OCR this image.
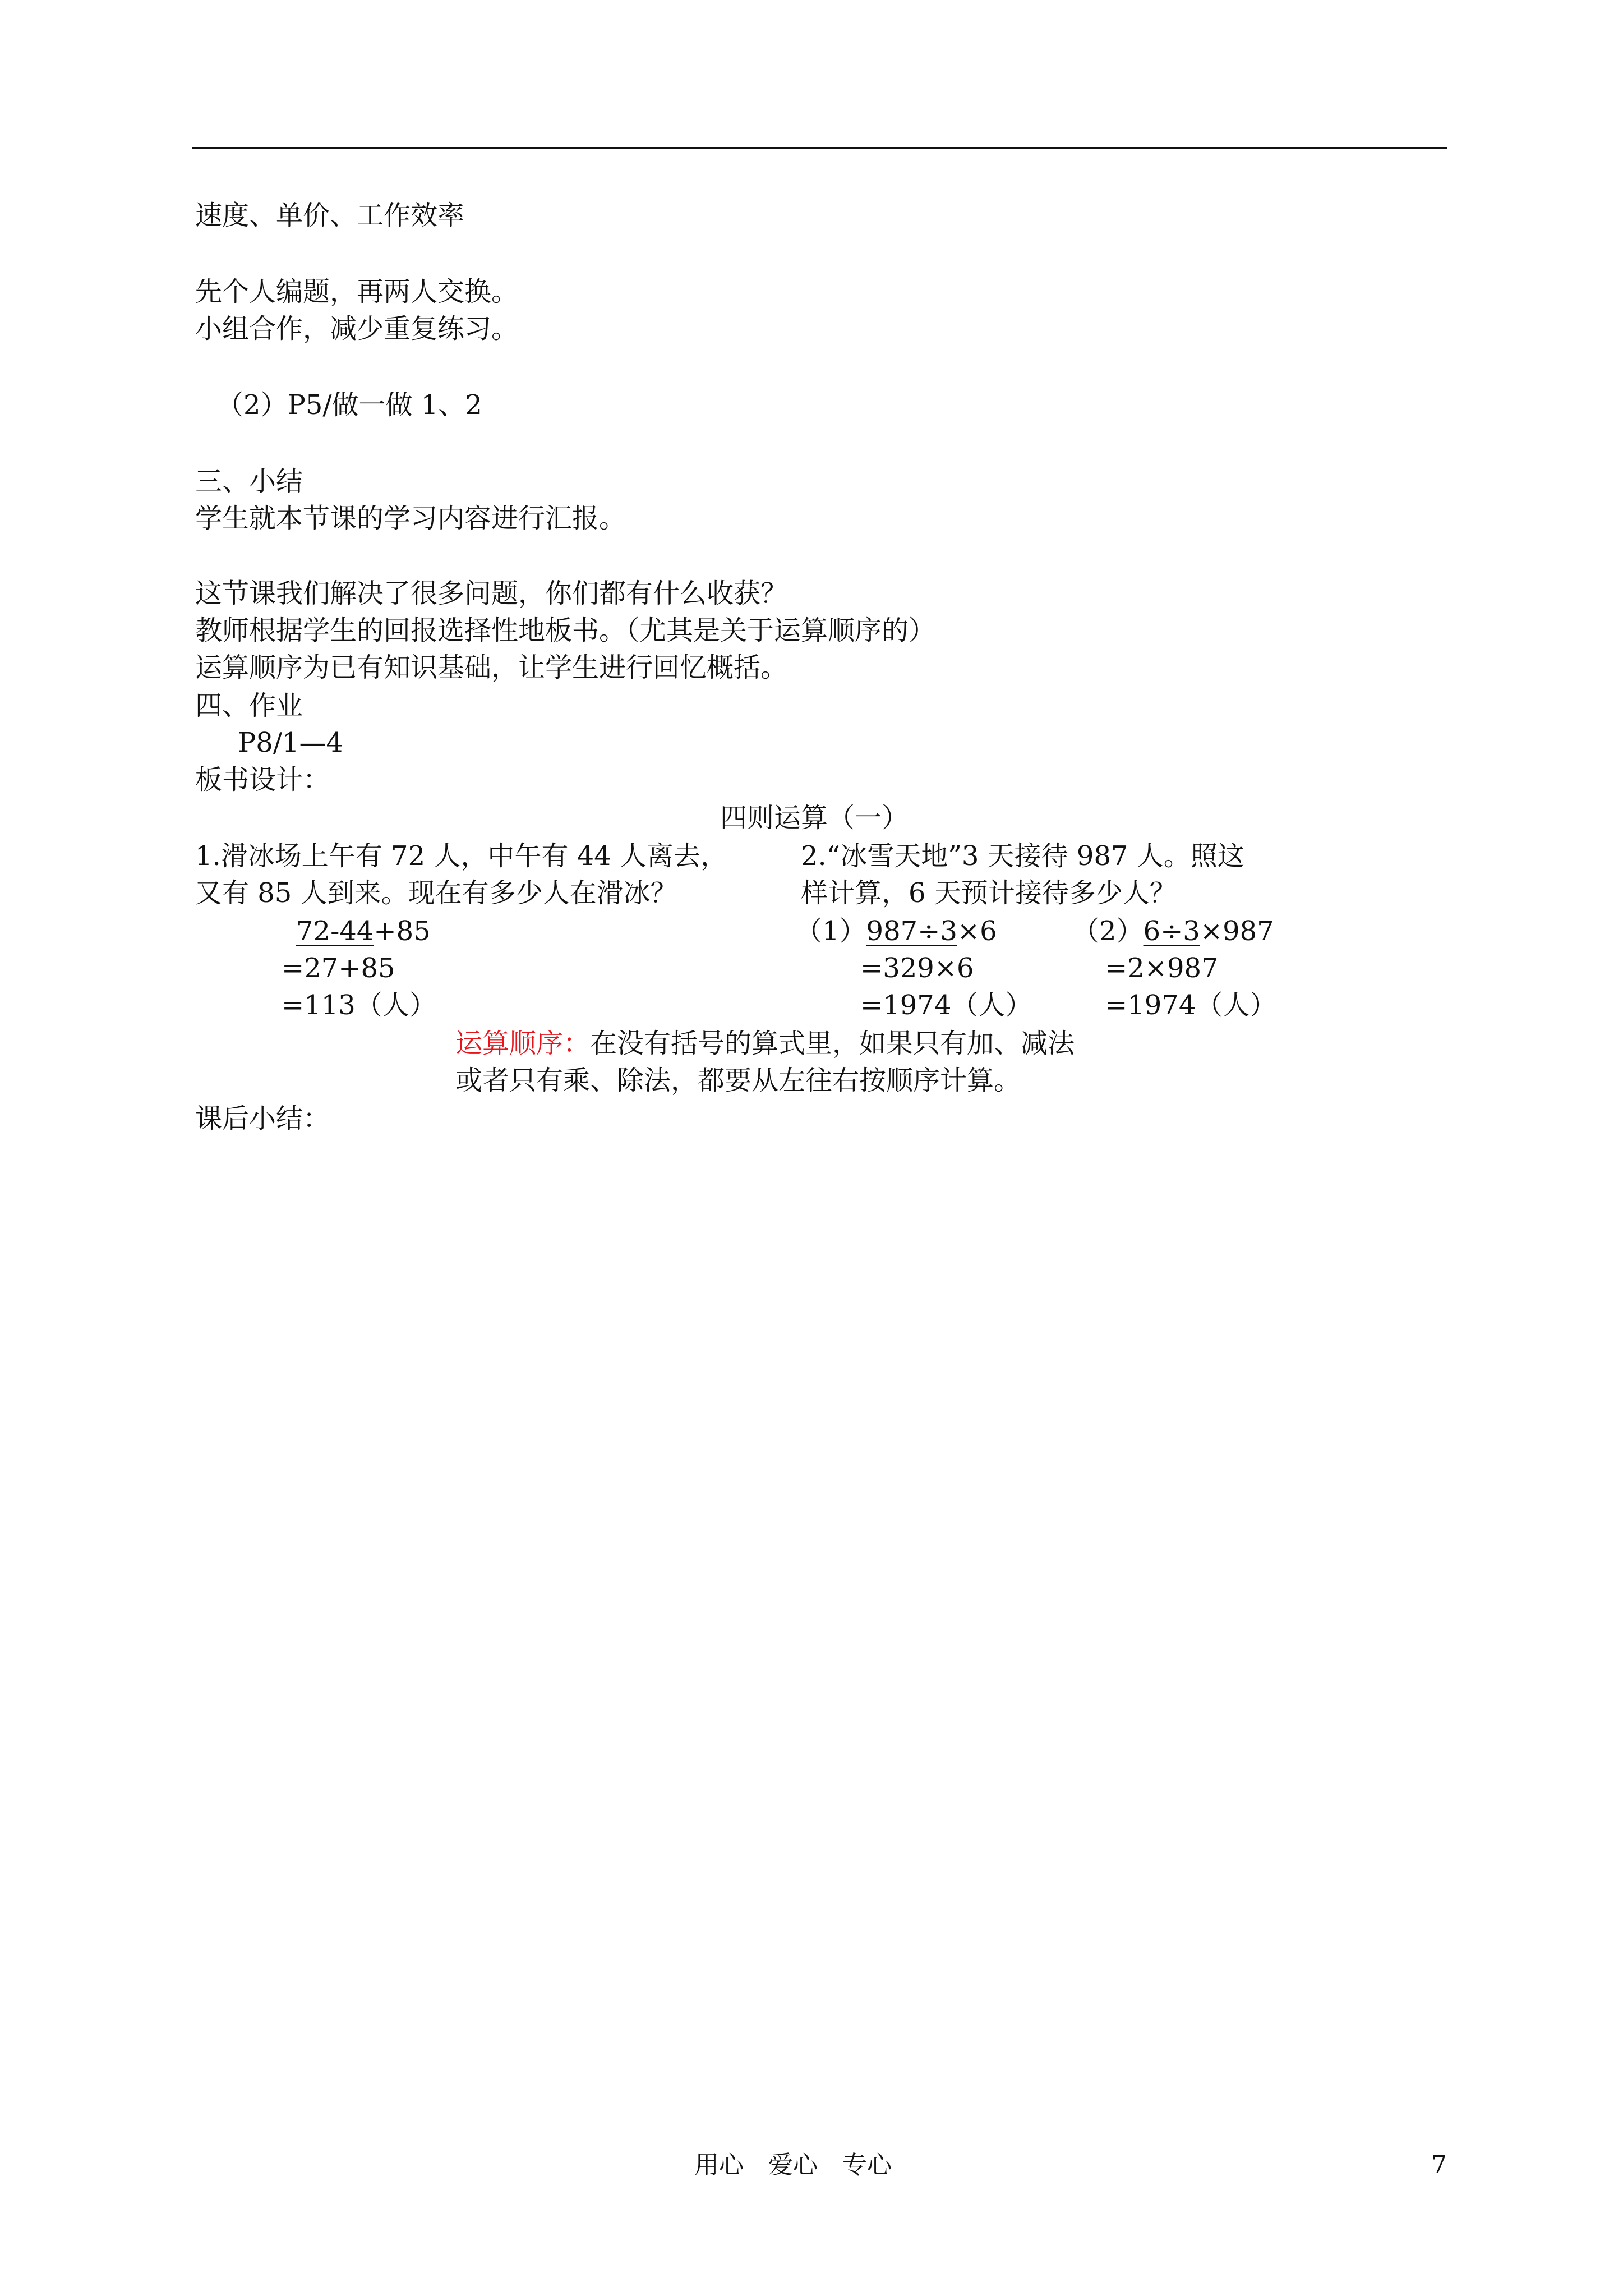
速度、单价、工作效率
先个人编题，再两人交换。
小组合作，减少重复练习。
（2）P5/做一做 1、2
三、小结
学生就本节课的学习内容进行汇报。
这节课我们解决了很多问题，你们都有什么收获？
教师根据学生的回报选择性地板书。（尤其是关于运算顺序的）
运算顺序为已有知识基础，让学生进行回忆概括。
四、作业
P8/1—4
板书设计：
四则运算（一）
1.滑冰场上午有 72 人，中午有 44 人离去，
又有 85 人到来。现在有多少人在滑冰？
72-44+85
=27+85
=113（人）
2.“冰雪天地”3 天接待 987 人。照这
样计算，6 天预计接待多少人？
（1）987÷3×6
=329×6
=1974（人）
（2）6÷3×987
=2×987
=1974（人）
运算顺序：在没有括号的算式里，如果只有加、减法
或者只有乘、除法，都要从左往右按顺序计算。
课后小结：
用心　爱心　专心	7
